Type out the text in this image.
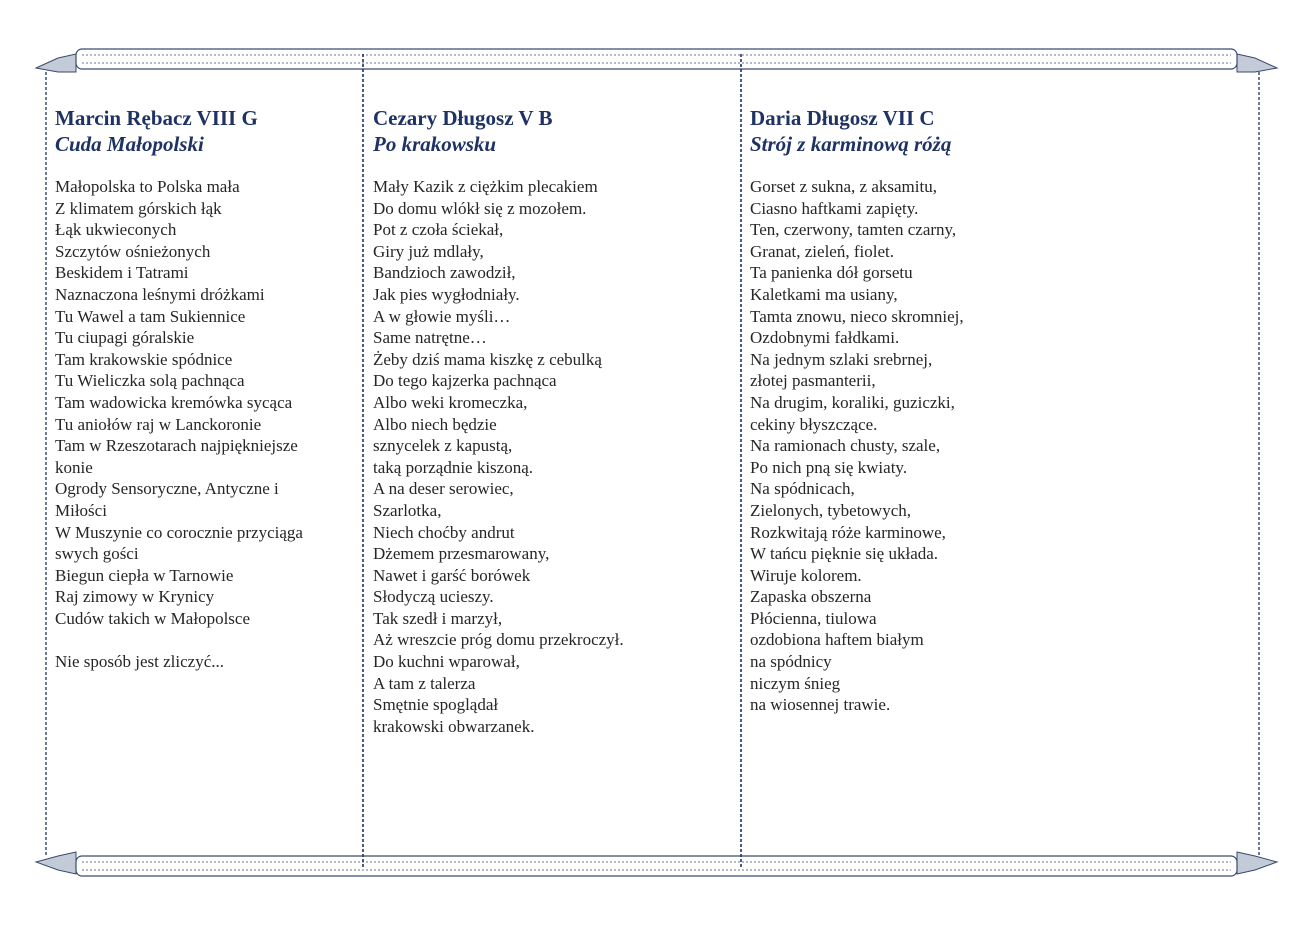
Marcin Rębacz VIII G
Cuda Małopolski
Małopolska to Polska mała
Z klimatem górskich łąk
Łąk ukwieconych
Szczytów ośnieżonych
Beskidem i Tatrami
Naznaczona leśnymi dróżkami
Tu Wawel a tam Sukiennice
Tu ciupagi góralskie
Tam krakowskie spódnice
Tu Wieliczka solą pachnąca
Tam wadowicka kremówka sycąca
Tu aniołów raj w Lanckoronie
Tam w Rzeszotarach najpiękniejsze
konie
Ogrody Sensoryczne, Antyczne i
Miłości
W Muszynie co corocznie przyciąga
swych gości
Biegun ciepła w Tarnowie
Raj zimowy w Krynicy
Cudów takich w Małopolsce
Nie sposób jest zliczyć...
Cezary Długosz V B
Po krakowsku
Mały Kazik z ciężkim plecakiem
Do domu wlókł się z mozołem.
Pot z czoła ściekał,
Giry już mdlały,
Bandzioch zawodził,
Jak pies wygłodniały.
A w głowie myśli…
Same natrętne…
Żeby dziś mama kiszkę z cebulką
Do tego kajzerka pachnąca
Albo weki kromeczka,
Albo niech będzie
sznycelek z kapustą,
taką porządnie kiszoną.
A na deser serowiec,
Szarlotka,
Niech choćby andrut
Dżemem przesmarowany,
Nawet i garść borówek
Słodyczą ucieszy.
Tak szedł i marzył,
Aż wreszcie próg domu przekroczył.
Do kuchni wparował,
A tam z talerza
Smętnie spoglądał
krakowski obwarzanek.
Daria Długosz VII C
Strój z karminową różą
Gorset z sukna, z aksamitu,
Ciasno haftkami zapięty.
Ten, czerwony, tamten czarny,
Granat, zieleń, fiolet.
Ta panienka dół gorsetu
Kaletkami ma usiany,
Tamta znowu, nieco skromniej,
Ozdobnymi fałdkami.
Na jednym szlaki srebrnej,
złotej pasmanterii,
Na drugim, koraliki, guziczki,
cekiny błyszczące.
Na ramionach chusty, szale,
Po nich pną się kwiaty.
Na spódnicach,
Zielonych, tybetowych,
Rozkwitają róże karminowe,
W tańcu pięknie się układa.
Wiruje kolorem.
Zapaska obszerna
Płócienna, tiulowa
ozdobiona haftem białym
na spódnicy
niczym śnieg
na wiosennej trawie.
